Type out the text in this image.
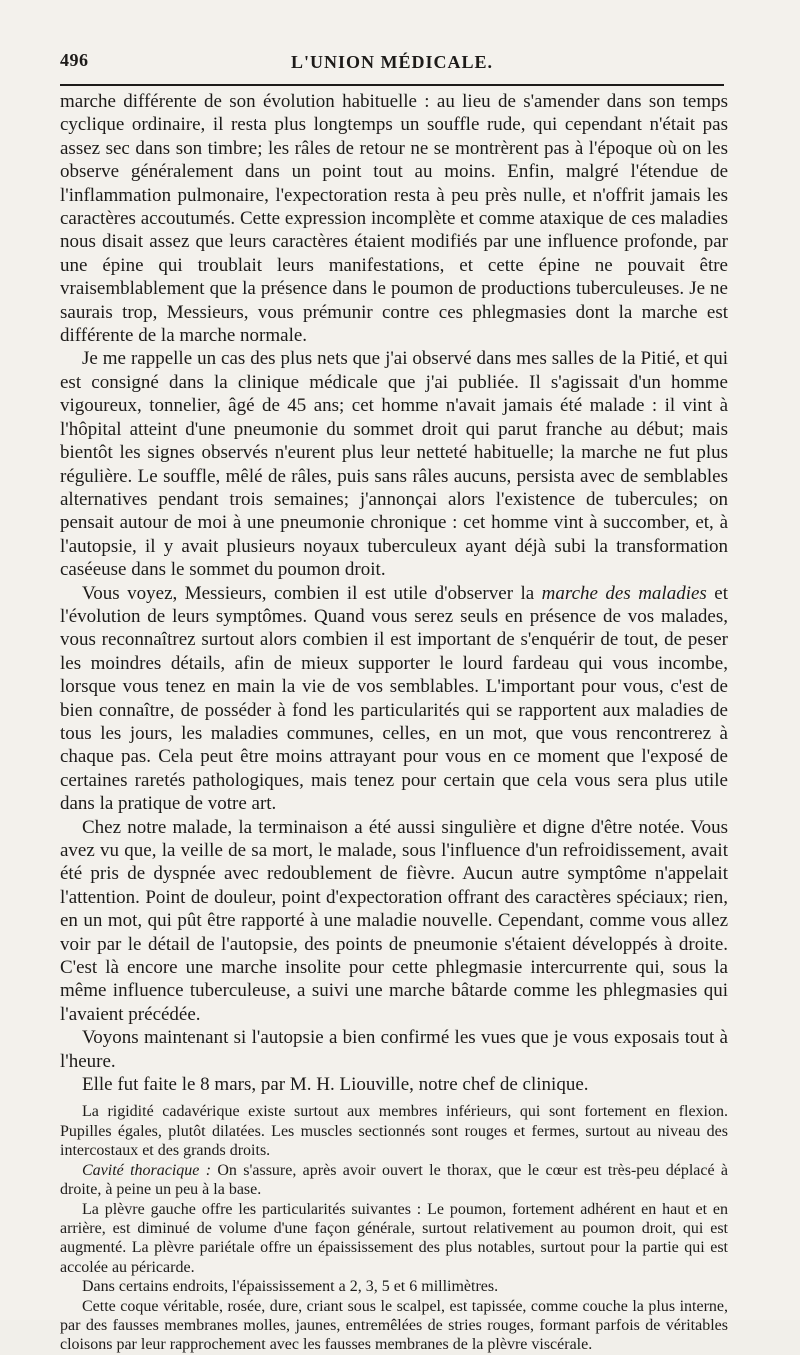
496	L'UNION MÉDICALE.

marche différente de son évolution habituelle : au lieu de s'amender dans son temps cyclique ordinaire, il resta plus longtemps un souffle rude, qui cependant n'était pas assez sec dans son timbre; les râles de retour ne se montrèrent pas à l'époque où on les observe généralement dans un point tout au moins. Enfin, malgré l'étendue de l'inflammation pulmonaire, l'expectoration resta à peu près nulle, et n'offrit jamais les caractères accoutumés. Cette expression incomplète et comme ataxique de ces maladies nous disait assez que leurs caractères étaient modifiés par une influence profonde, par une épine qui troublait leurs manifestations, et cette épine ne pouvait être vraisemblablement que la présence dans le poumon de productions tuberculeuses. Je ne saurais trop, Messieurs, vous prémunir contre ces phlegmasies dont la marche est différente de la marche normale.

Je me rappelle un cas des plus nets que j'ai observé dans mes salles de la Pitié, et qui est consigné dans la clinique médicale que j'ai publiée. Il s'agissait d'un homme vigoureux, tonnelier, âgé de 45 ans; cet homme n'avait jamais été malade : il vint à l'hôpital atteint d'une pneumonie du sommet droit qui parut franche au début; mais bientôt les signes observés n'eurent plus leur netteté habituelle; la marche ne fut plus régulière. Le souffle, mêlé de râles, puis sans râles aucuns, persista avec de semblables alternatives pendant trois semaines; j'annonçai alors l'existence de tubercules; on pensait autour de moi à une pneumonie chronique : cet homme vint à succomber, et, à l'autopsie, il y avait plusieurs noyaux tuberculeux ayant déjà subi la transformation caséeuse dans le sommet du poumon droit.

Vous voyez, Messieurs, combien il est utile d'observer la marche des maladies et l'évolution de leurs symptômes. Quand vous serez seuls en présence de vos malades, vous reconnaîtrez surtout alors combien il est important de s'enquérir de tout, de peser les moindres détails, afin de mieux supporter le lourd fardeau qui vous incombe, lorsque vous tenez en main la vie de vos semblables. L'important pour vous, c'est de bien connaître, de posséder à fond les particularités qui se rapportent aux maladies de tous les jours, les maladies communes, celles, en un mot, que vous rencontrerez à chaque pas. Cela peut être moins attrayant pour vous en ce moment que l'exposé de certaines raretés pathologiques, mais tenez pour certain que cela vous sera plus utile dans la pratique de votre art.

Chez notre malade, la terminaison a été aussi singulière et digne d'être notée. Vous avez vu que, la veille de sa mort, le malade, sous l'influence d'un refroidissement, avait été pris de dyspnée avec redoublement de fièvre. Aucun autre symptôme n'appelait l'attention. Point de douleur, point d'expectoration offrant des caractères spéciaux; rien, en un mot, qui pût être rapporté à une maladie nouvelle. Cependant, comme vous allez voir par le détail de l'autopsie, des points de pneumonie s'étaient développés à droite. C'est là encore une marche insolite pour cette phlegmasie intercurrente qui, sous la même influence tuberculeuse, a suivi une marche bâtarde comme les phlegmasies qui l'avaient précédée.

Voyons maintenant si l'autopsie a bien confirmé les vues que je vous exposais tout à l'heure.

Elle fut faite le 8 mars, par M. H. Liouville, notre chef de clinique.

La rigidité cadavérique existe surtout aux membres inférieurs, qui sont fortement en flexion. Pupilles égales, plutôt dilatées. Les muscles sectionnés sont rouges et fermes, surtout au niveau des intercostaux et des grands droits.

Cavité thoracique : On s'assure, après avoir ouvert le thorax, que le cœur est très-peu déplacé à droite, à peine un peu à la base.

La plèvre gauche offre les particularités suivantes : Le poumon, fortement adhérent en haut et en arrière, est diminué de volume d'une façon générale, surtout relativement au poumon droit, qui est augmenté. La plèvre pariétale offre un épaississement des plus notables, surtout pour la partie qui est accolée au péricarde.

Dans certains endroits, l'épaississement a 2, 3, 5 et 6 millimètres.

Cette coque véritable, rosée, dure, criant sous le scalpel, est tapissée, comme couche la plus interne, par des fausses membranes molles, jaunes, entremêlées de stries rouges, formant parfois de véritables cloisons par leur rapprochement avec les fausses membranes de la plèvre viscérale.
